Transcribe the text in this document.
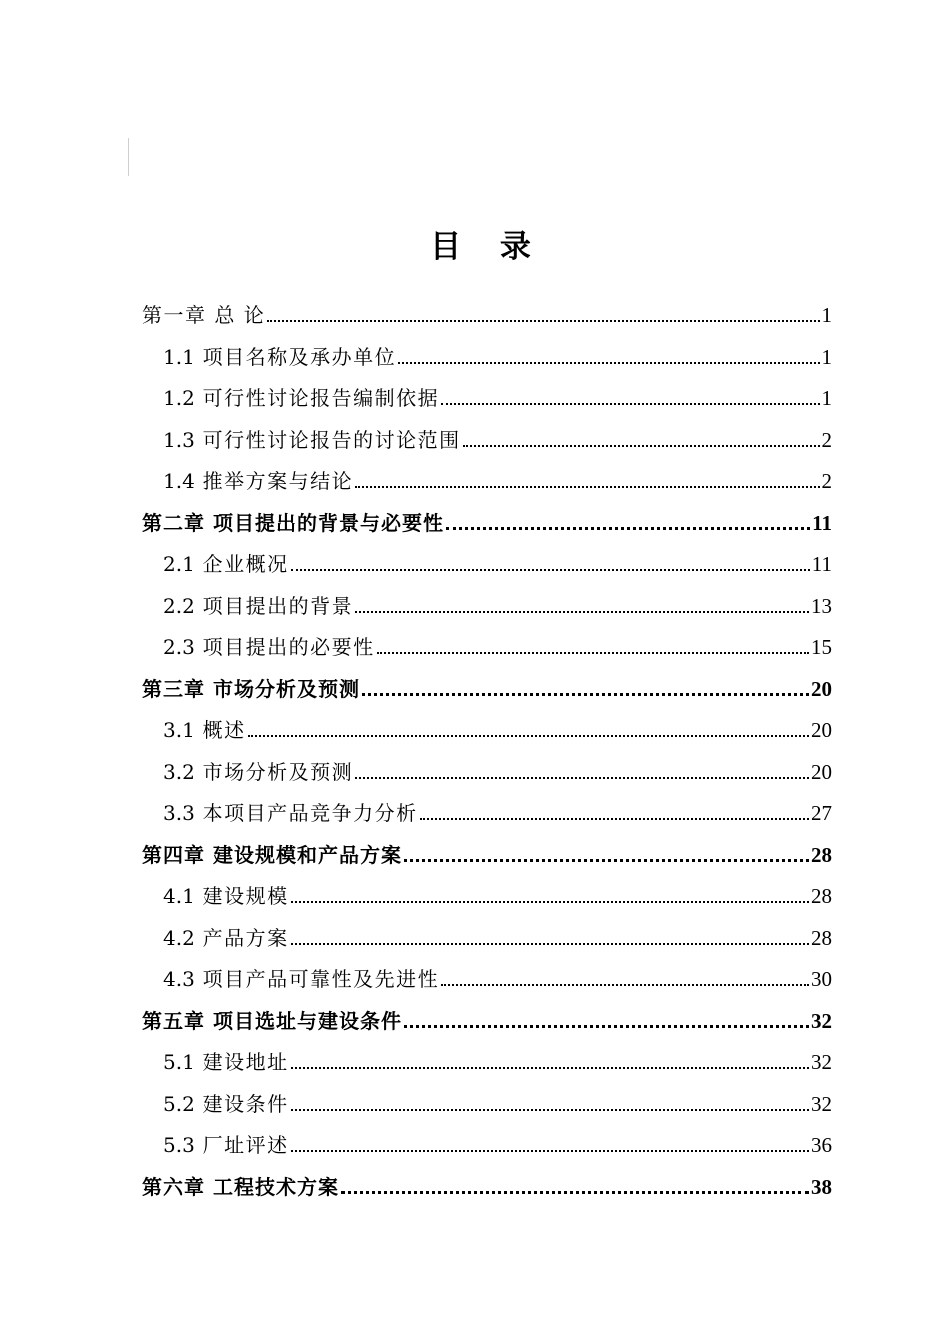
目 录
第一章 总 论	1
1.1 项目名称及承办单位	1
1.2 可行性讨论报告编制依据	1
1.3 可行性讨论报告的讨论范围	2
1.4 推举方案与结论	2
第二章 项目提出的背景与必要性	11
2.1 企业概况	11
2.2 项目提出的背景	13
2.3 项目提出的必要性	15
第三章 市场分析及预测	20
3.1 概述	20
3.2 市场分析及预测	20
3.3 本项目产品竞争力分析	27
第四章 建设规模和产品方案	28
4.1 建设规模	28
4.2 产品方案	28
4.3 项目产品可靠性及先进性	30
第五章 项目选址与建设条件	32
5.1 建设地址	32
5.2 建设条件	32
5.3 厂址评述	36
第六章 工程技术方案	38
